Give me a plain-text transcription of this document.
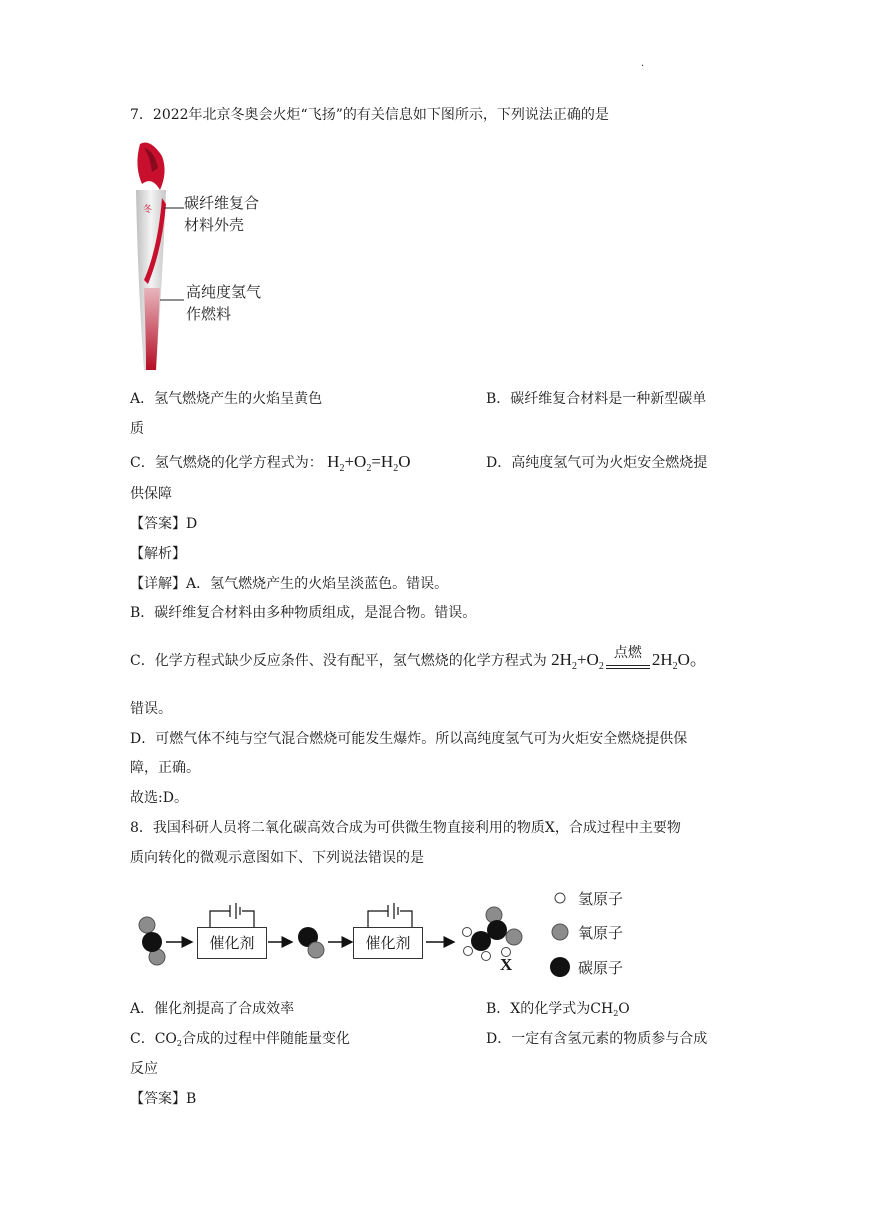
.
7．2022年北京冬奥会火炬“飞扬”的有关信息如下图所示，下列说法正确的是
冬 碳纤维复合
材料外壳
高纯度氢气
作燃料
A．氢气燃烧产生的火焰呈黄色	B．碳纤维复合材料是一种新型碳单
质
C．氢气燃烧的化学方程式为： $H_2+O_2=H_2O$	D．高纯度氢气可为火炬安全燃烧提
供保障
【答案】D
【解析】
【详解】A．氢气燃烧产生的火焰呈淡蓝色。错误。
B．碳纤维复合材料由多种物质组成，是混合物。错误。
C．化学方程式缺少反应条件、没有配平，氢气燃烧的化学方程式为 $2H_2+O_2$
点燃 $2H_2O$。
错误。
D．可燃气体不纯与空气混合燃烧可能发生爆炸。所以高纯度氢气可为火炬安全燃烧提供保
障，正确。
故选:D。
8．我国科研人员将二氧化碳高效合成为可供微生物直接利用的物质X，合成过程中主要物
质向转化的微观示意图如下、下列说法错误的是
催化剂	催化剂
X
氢原子
氧原子
碳原子
A．催化剂提高了合成效率	B．X的化学式为$CH_2O$
C．$CO_2$合成的过程中伴随能量变化	D．一定有含氢元素的物质参与合成
反应
【答案】B
